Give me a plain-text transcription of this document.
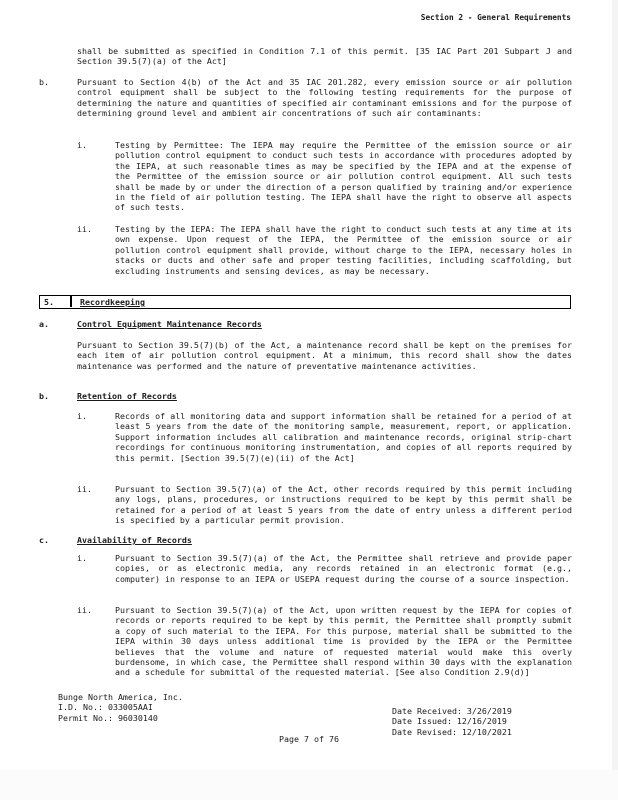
Section 2 - General Requirements
shall be submitted as specified in Condition 7.1 of this permit. [35 IAC Part 201 Subpart J and Section 39.5(7)(a) of the Act]
b.	Pursuant to Section 4(b) of the Act and 35 IAC 201.282, every emission source or air pollution control equipment shall be subject to the following testing requirements for the purpose of determining the nature and quantities of specified air contaminant emissions and for the purpose of determining ground level and ambient air concentrations of such air contaminants:
i.	Testing by Permittee: The IEPA may require the Permittee of the emission source or air pollution control equipment to conduct such tests in accordance with procedures adopted by the IEPA, at such reasonable times as may be specified by the IEPA and at the expense of the Permittee of the emission source or air pollution control equipment. All such tests shall be made by or under the direction of a person qualified by training and/or experience in the field of air pollution testing. The IEPA shall have the right to observe all aspects of such tests.
ii.	Testing by the IEPA: The IEPA shall have the right to conduct such tests at any time at its own expense. Upon request of the IEPA, the Permittee of the emission source or air pollution control equipment shall provide, without charge to the IEPA, necessary holes in stacks or ducts and other safe and proper testing facilities, including scaffolding, but excluding instruments and sensing devices, as may be necessary.
5.	Recordkeeping
a.	Control Equipment Maintenance Records
Pursuant to Section 39.5(7)(b) of the Act, a maintenance record shall be kept on the premises for each item of air pollution control equipment. At a minimum, this record shall show the dates maintenance was performed and the nature of preventative maintenance activities.
b.	Retention of Records
i.	Records of all monitoring data and support information shall be retained for a period of at least 5 years from the date of the monitoring sample, measurement, report, or application. Support information includes all calibration and maintenance records, original strip-chart recordings for continuous monitoring instrumentation, and copies of all reports required by this permit. [Section 39.5(7)(e)(ii) of the Act]
ii.	Pursuant to Section 39.5(7)(a) of the Act, other records required by this permit including any logs, plans, procedures, or instructions required to be kept by this permit shall be retained for a period of at least 5 years from the date of entry unless a different period is specified by a particular permit provision.
c.	Availability of Records
i.	Pursuant to Section 39.5(7)(a) of the Act, the Permittee shall retrieve and provide paper copies, or as electronic media, any records retained in an electronic format (e.g., computer) in response to an IEPA or USEPA request during the course of a source inspection.
ii.	Pursuant to Section 39.5(7)(a) of the Act, upon written request by the IEPA for copies of records or reports required to be kept by this permit, the Permittee shall promptly submit a copy of such material to the IEPA. For this purpose, material shall be submitted to the IEPA within 30 days unless additional time is provided by the IEPA or the Permittee believes that the volume and nature of requested material would make this overly burdensome, in which case, the Permittee shall respond within 30 days with the explanation and a schedule for submittal of the requested material. [See also Condition 2.9(d)]
Bunge North America, Inc.
I.D. No.: 033005AAI
Permit No.: 96030140
Date Received: 3/26/2019
Date Issued: 12/16/2019
Date Revised: 12/10/2021
Page 7 of 76
